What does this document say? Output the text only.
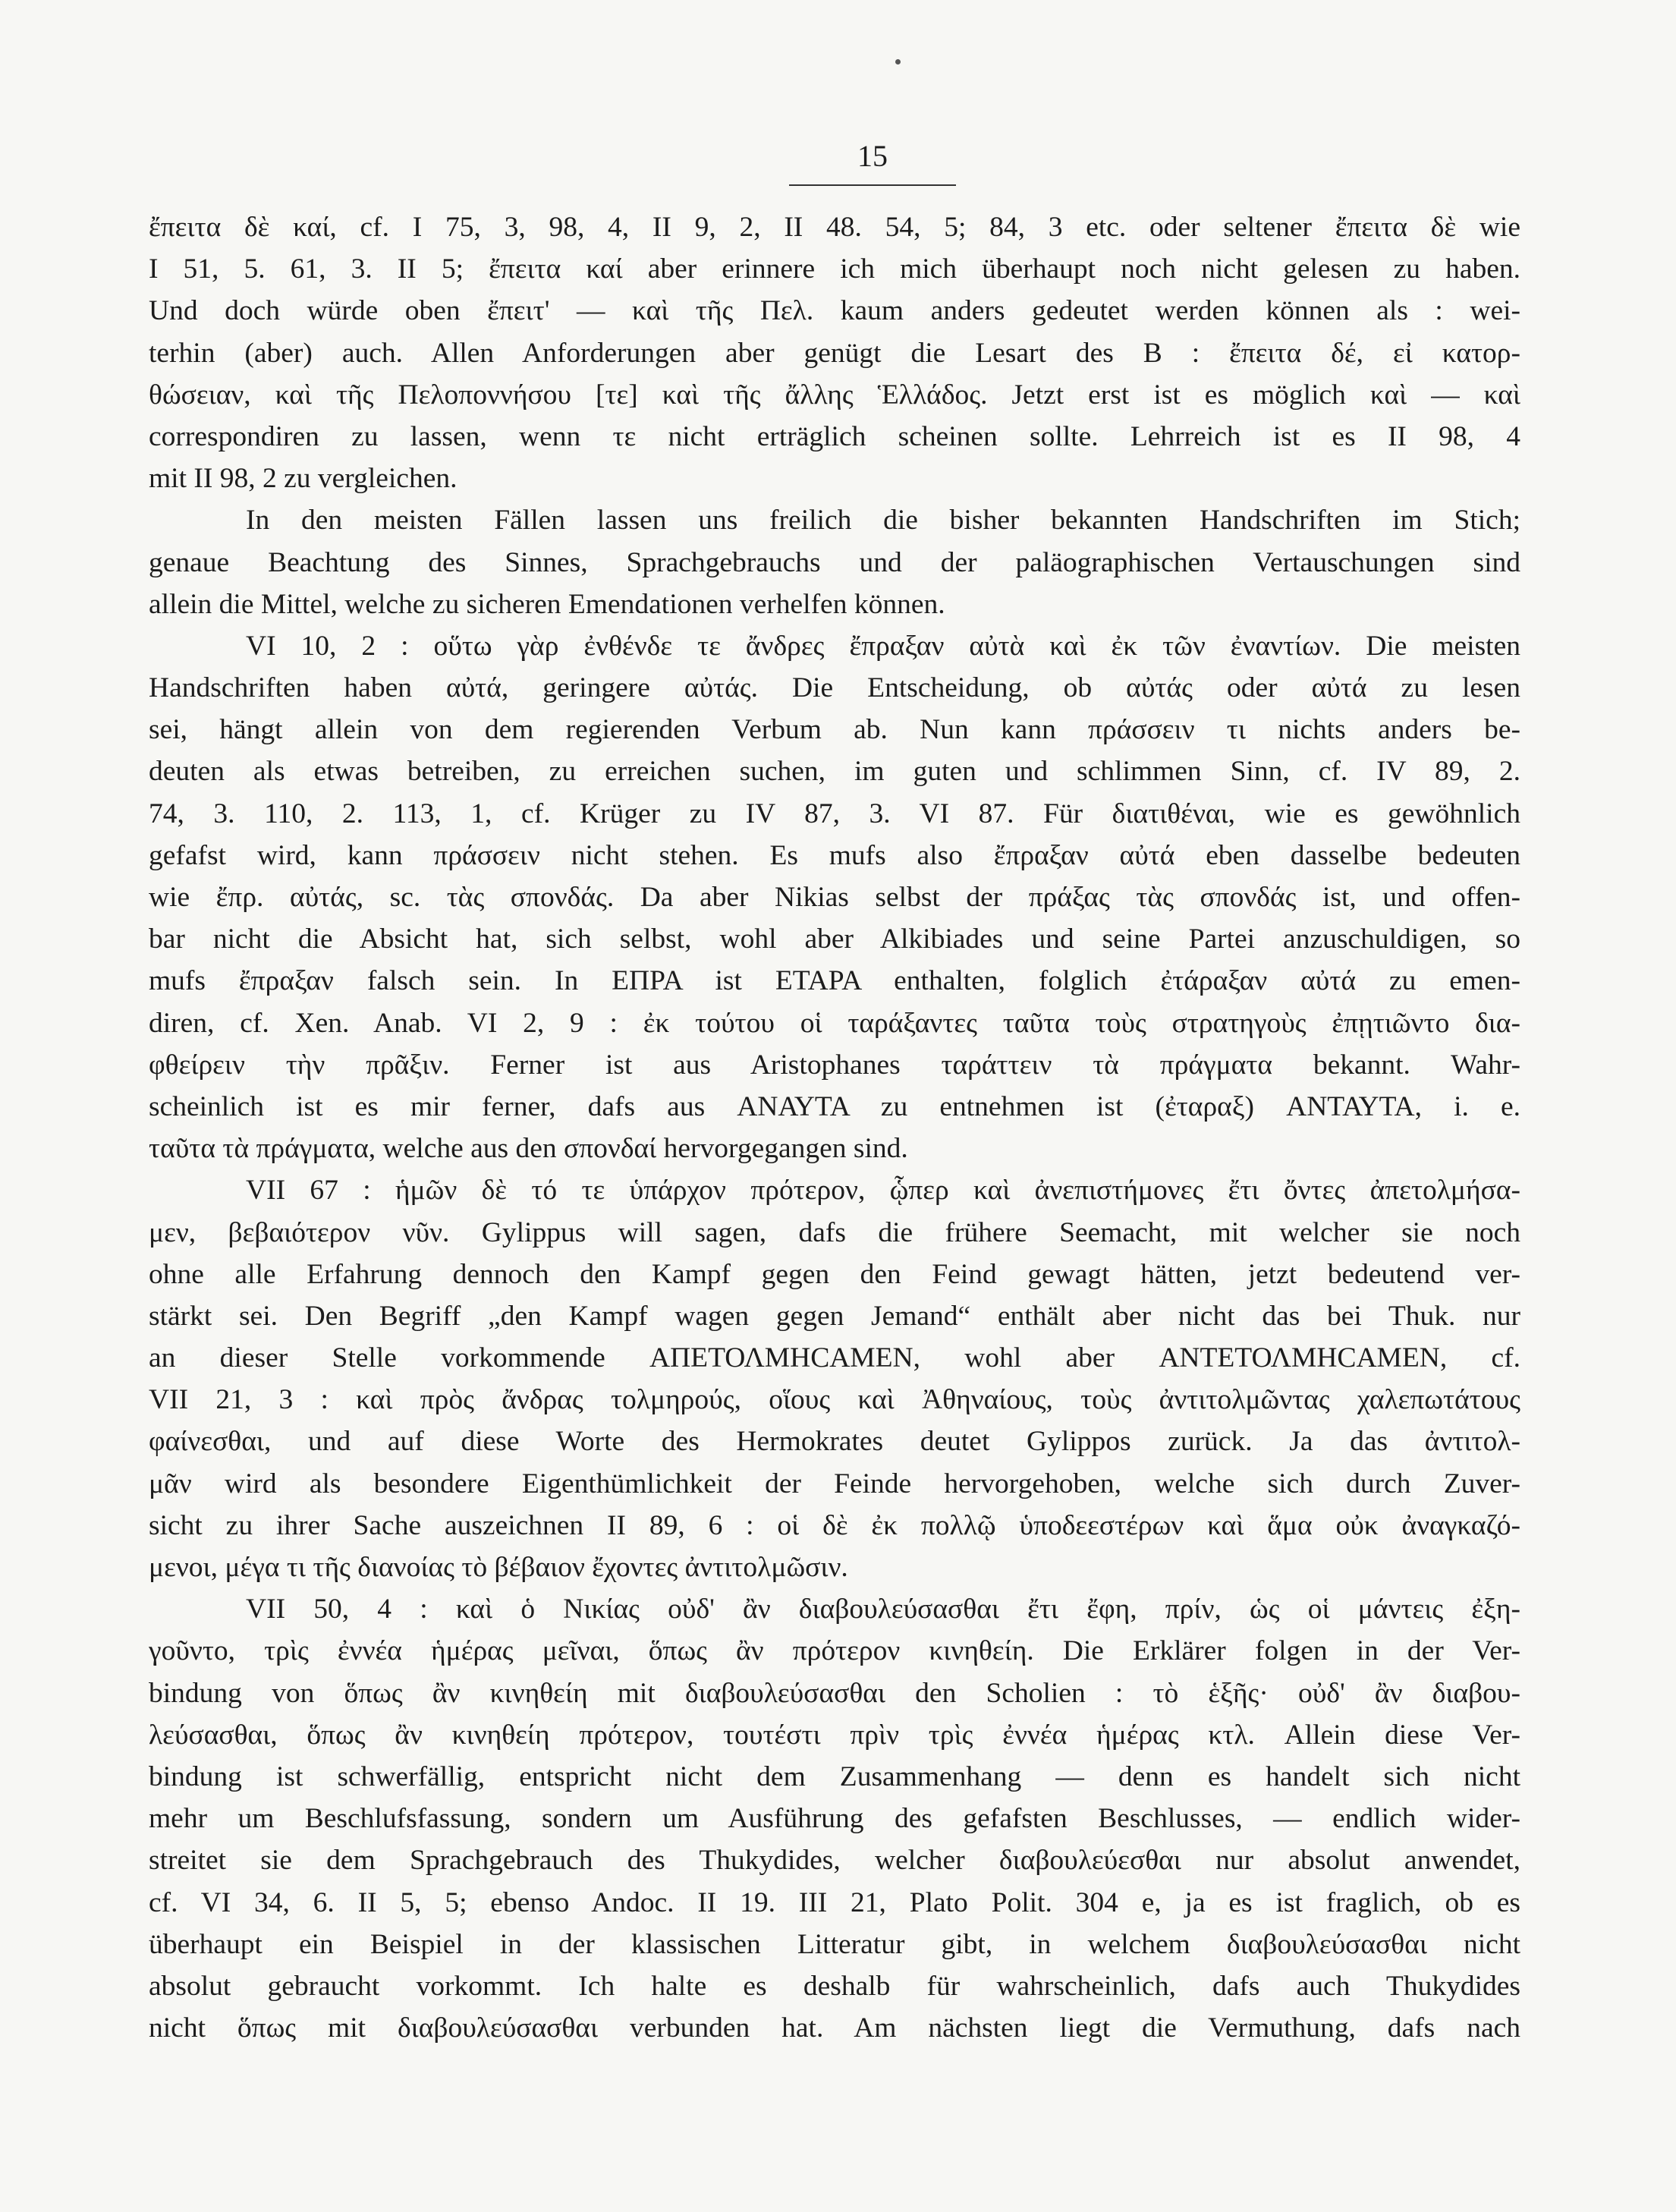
15
ἔπειτα δὲ καί, cf. I 75, 3, 98, 4, II 9, 2, II 48. 54, 5; 84, 3 etc. oder seltener ἔπειτα δὲ wie
I 51, 5. 61, 3. II 5; ἔπειτα καί aber erinnere ich mich überhaupt noch nicht gelesen zu haben.
Und doch würde oben ἔπειτ' — καὶ τῆς Πελ. kaum anders gedeutet werden können als : wei-
terhin (aber) auch. Allen Anforderungen aber genügt die Lesart des B : ἔπειτα δέ, εἰ κατορ-
θώσειαν, καὶ τῆς Πελοποννήσου [τε] καὶ τῆς ἄλλης Ἑλλάδος. Jetzt erst ist es möglich καὶ — καὶ
correspondiren zu lassen, wenn τε nicht erträglich scheinen sollte. Lehrreich ist es II 98, 4
mit II 98, 2 zu vergleichen.
In den meisten Fällen lassen uns freilich die bisher bekannten Handschriften im Stich;
genaue Beachtung des Sinnes, Sprachgebrauchs und der paläographischen Vertauschungen sind
allein die Mittel, welche zu sicheren Emendationen verhelfen können.
VI 10, 2 : οὕτω γὰρ ἐνθένδε τε ἄνδρες ἔπραξαν αὐτὰ καὶ ἐκ τῶν ἐναντίων. Die meisten
Handschriften haben αὐτά, geringere αὐτάς. Die Entscheidung, ob αὐτάς oder αὐτά zu lesen
sei, hängt allein von dem regierenden Verbum ab. Nun kann πράσσειν τι nichts anders be-
deuten als etwas betreiben, zu erreichen suchen, im guten und schlimmen Sinn, cf. IV 89, 2.
74, 3. 110, 2. 113, 1, cf. Krüger zu IV 87, 3. VI 87. Für διατιθέναι, wie es gewöhnlich
gefafst wird, kann πράσσειν nicht stehen. Es mufs also ἔπραξαν αὐτά eben dasselbe bedeuten
wie ἔπρ. αὐτάς, sc. τὰς σπονδάς. Da aber Nikias selbst der πράξας τὰς σπονδάς ist, und offen-
bar nicht die Absicht hat, sich selbst, wohl aber Alkibiades und seine Partei anzuschuldigen, so
mufs ἔπραξαν falsch sein. In ΕΠΡΑ ist ΕΤΑΡΑ enthalten, folglich ἐτάραξαν αὐτά zu emen-
diren, cf. Xen. Anab. VI 2, 9 : ἐκ τούτου οἱ ταράξαντες ταῦτα τοὺς στρατηγοὺς ἐπῃτιῶντο δια-
φθείρειν τὴν πρᾶξιν. Ferner ist aus Aristophanes ταράττειν τὰ πράγματα bekannt. Wahr-
scheinlich ist es mir ferner, dafs aus ΑΝΑΥΤΑ zu entnehmen ist (ἐταραξ) ΑΝΤΑΥΤΑ, i. e.
ταῦτα τὰ πράγματα, welche aus den σπονδαί hervorgegangen sind.
VII 67 : ἡμῶν δὲ τό τε ὑπάρχον πρότερον, ᾧπερ καὶ ἀνεπιστήμονες ἔτι ὄντες ἀπετολμήσα-
μεν, βεβαιότερον νῦν. Gylippus will sagen, dafs die frühere Seemacht, mit welcher sie noch
ohne alle Erfahrung dennoch den Kampf gegen den Feind gewagt hätten, jetzt bedeutend ver-
stärkt sei. Den Begriff „den Kampf wagen gegen Jemand“ enthält aber nicht das bei Thuk. nur
an dieser Stelle vorkommende ΑΠΕΤΟΛΜΗϹΑΜΕΝ, wohl aber ΑΝΤΕΤΟΛΜΗϹΑΜΕΝ, cf.
VII 21, 3 : καὶ πρὸς ἄνδρας τολμηρούς, οἵους καὶ Ἀθηναίους, τοὺς ἀντιτολμῶντας χαλεπωτάτους
φαίνεσθαι, und auf diese Worte des Hermokrates deutet Gylippos zurück. Ja das ἀντιτολ-
μᾶν wird als besondere Eigenthümlichkeit der Feinde hervorgehoben, welche sich durch Zuver-
sicht zu ihrer Sache auszeichnen II 89, 6 : οἱ δὲ ἐκ πολλῷ ὑποδεεστέρων καὶ ἅμα οὐκ ἀναγκαζό-
μενοι, μέγα τι τῆς διανοίας τὸ βέβαιον ἔχοντες ἀντιτολμῶσιν.
VII 50, 4 : καὶ ὁ Νικίας οὐδ' ἂν διαβουλεύσασθαι ἔτι ἔφη, πρίν, ὡς οἱ μάντεις ἐξη-
γοῦντο, τρὶς ἐννέα ἡμέρας μεῖναι, ὅπως ἂν πρότερον κινηθείη. Die Erklärer folgen in der Ver-
bindung von ὅπως ἂν κινηθείη mit διαβουλεύσασθαι den Scholien : τὸ ἑξῆς· οὐδ' ἂν διαβου-
λεύσασθαι, ὅπως ἂν κινηθείη πρότερον, τουτέστι πρὶν τρὶς ἐννέα ἡμέρας κτλ. Allein diese Ver-
bindung ist schwerfällig, entspricht nicht dem Zusammenhang — denn es handelt sich nicht
mehr um Beschlufsfassung, sondern um Ausführung des gefafsten Beschlusses, — endlich wider-
streitet sie dem Sprachgebrauch des Thukydides, welcher διαβουλεύεσθαι nur absolut anwendet,
cf. VI 34, 6. II 5, 5; ebenso Andoc. II 19. III 21, Plato Polit. 304 e, ja es ist fraglich, ob es
überhaupt ein Beispiel in der klassischen Litteratur gibt, in welchem διαβουλεύσασθαι nicht
absolut gebraucht vorkommt. Ich halte es deshalb für wahrscheinlich, dafs auch Thukydides
nicht ὅπως mit διαβουλεύσασθαι verbunden hat. Am nächsten liegt die Vermuthung, dafs nach
